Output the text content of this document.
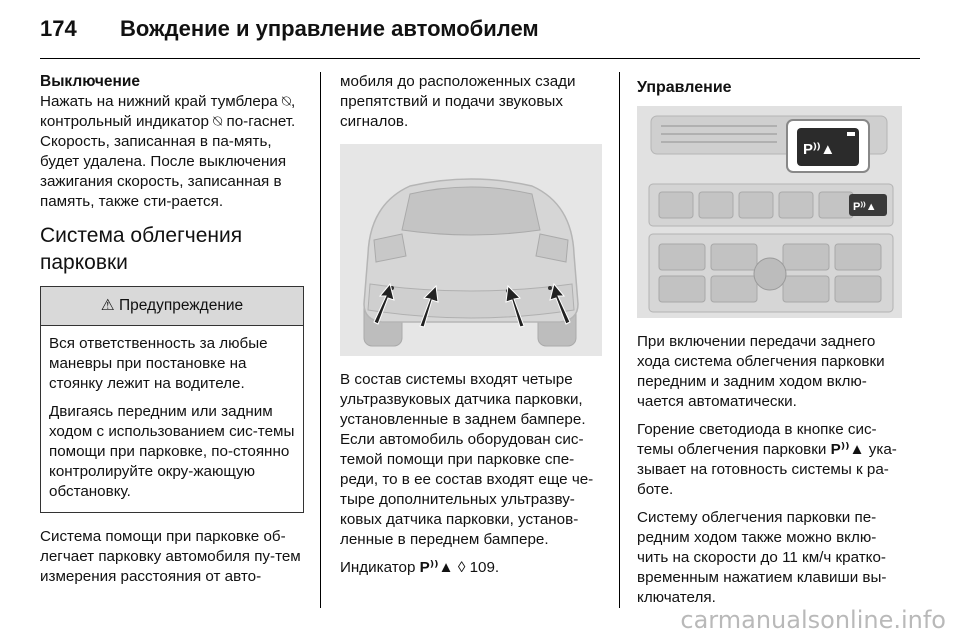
174 Вождение и управление автомобилем
Выключение

Нажать на нижний край тумблера ⍉, контрольный индикатор ⍉ по-гаснет. Скорость, записанная в па-мять, будет удалена. После выключения зажигания скорость, записанная в память, также сти-рается.

Система облегчения парковки
⚠ Предупреждение

Вся ответственность за любые маневры при постановке на стоянку лежит на водителе.

Двигаясь передним или задним ходом с использованием сис-темы помощи при парковке, по-стоянно контролируйте окру-жающую обстановку.

Система помощи при парковке об-легчает парковку автомобиля пу-тем измерения расстояния от авто-

мобиля до расположенных сзади препятствий и подачи звуковых сигналов.

В состав системы входят четыре ультразвуковых датчика парковки, установленные в заднем бампере. Если автомобиль оборудован сис-темой помощи при парковке спе-реди, то в ее состав входят еще че-тыре дополнительных ультразву-ковых датчика парковки, установ-ленные в переднем бампере.

Индикатор P⁾⁾▲ ◊ 109.

Управление
P⁾⁾▲
P⁾⁾▲

При включении передачи заднего хода система облегчения парковки передним и задним ходом вклю-чается автоматически.

Горение светодиода в кнопке сис-темы облегчения парковки P⁾⁾▲ ука-зывает на готовность системы к ра-боте.

Систему облегчения парковки пе-редним ходом также можно вклю-чить на скорости до 11 км/ч кратко-временным нажатием клавиши вы-ключателя.

carmanualsonline.info
